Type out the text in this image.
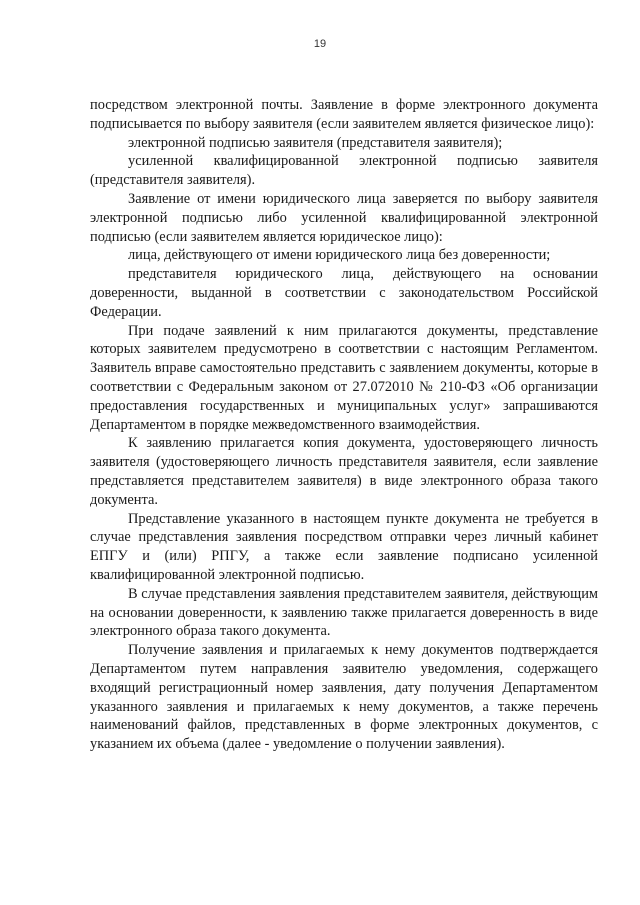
19

посредством электронной почты. Заявление в форме электронного документа подписывается по выбору заявителя (если заявителем является физическое лицо):

электронной подписью заявителя (представителя заявителя);

усиленной квалифицированной электронной подписью заявителя (представителя заявителя).

Заявление от имени юридического лица заверяется по выбору заявителя электронной подписью либо усиленной квалифицированной электронной подписью (если заявителем является юридическое лицо):

лица, действующего от имени юридического лица без доверенности;

представителя юридического лица, действующего на основании доверенности, выданной в соответствии с законодательством Российской Федерации.

При подаче заявлений к ним прилагаются документы, представление которых заявителем предусмотрено в соответствии с настоящим Регламентом. Заявитель вправе самостоятельно представить с заявлением документы, которые в соответствии с Федеральным законом от 27.072010 № 210-ФЗ «Об организации предоставления государственных и муниципальных услуг» запрашиваются Департаментом в порядке межведомственного взаимодействия.

К заявлению прилагается копия документа, удостоверяющего личность заявителя (удостоверяющего личность представителя заявителя, если заявление представляется представителем заявителя) в виде электронного образа такого документа.

Представление указанного в настоящем пункте документа не требуется в случае представления заявления посредством отправки через личный кабинет ЕПГУ и (или) РПГУ, а также если заявление подписано усиленной квалифицированной электронной подписью.

В случае представления заявления представителем заявителя, действующим на основании доверенности, к заявлению также прилагается доверенность в виде электронного образа такого документа.

Получение заявления и прилагаемых к нему документов подтверждается Департаментом путем направления заявителю уведомления, содержащего входящий регистрационный номер заявления, дату получения Департаментом указанного заявления и прилагаемых к нему документов, а также перечень наименований файлов, представленных в форме электронных документов, с указанием их объема (далее - уведомление о получении заявления).
